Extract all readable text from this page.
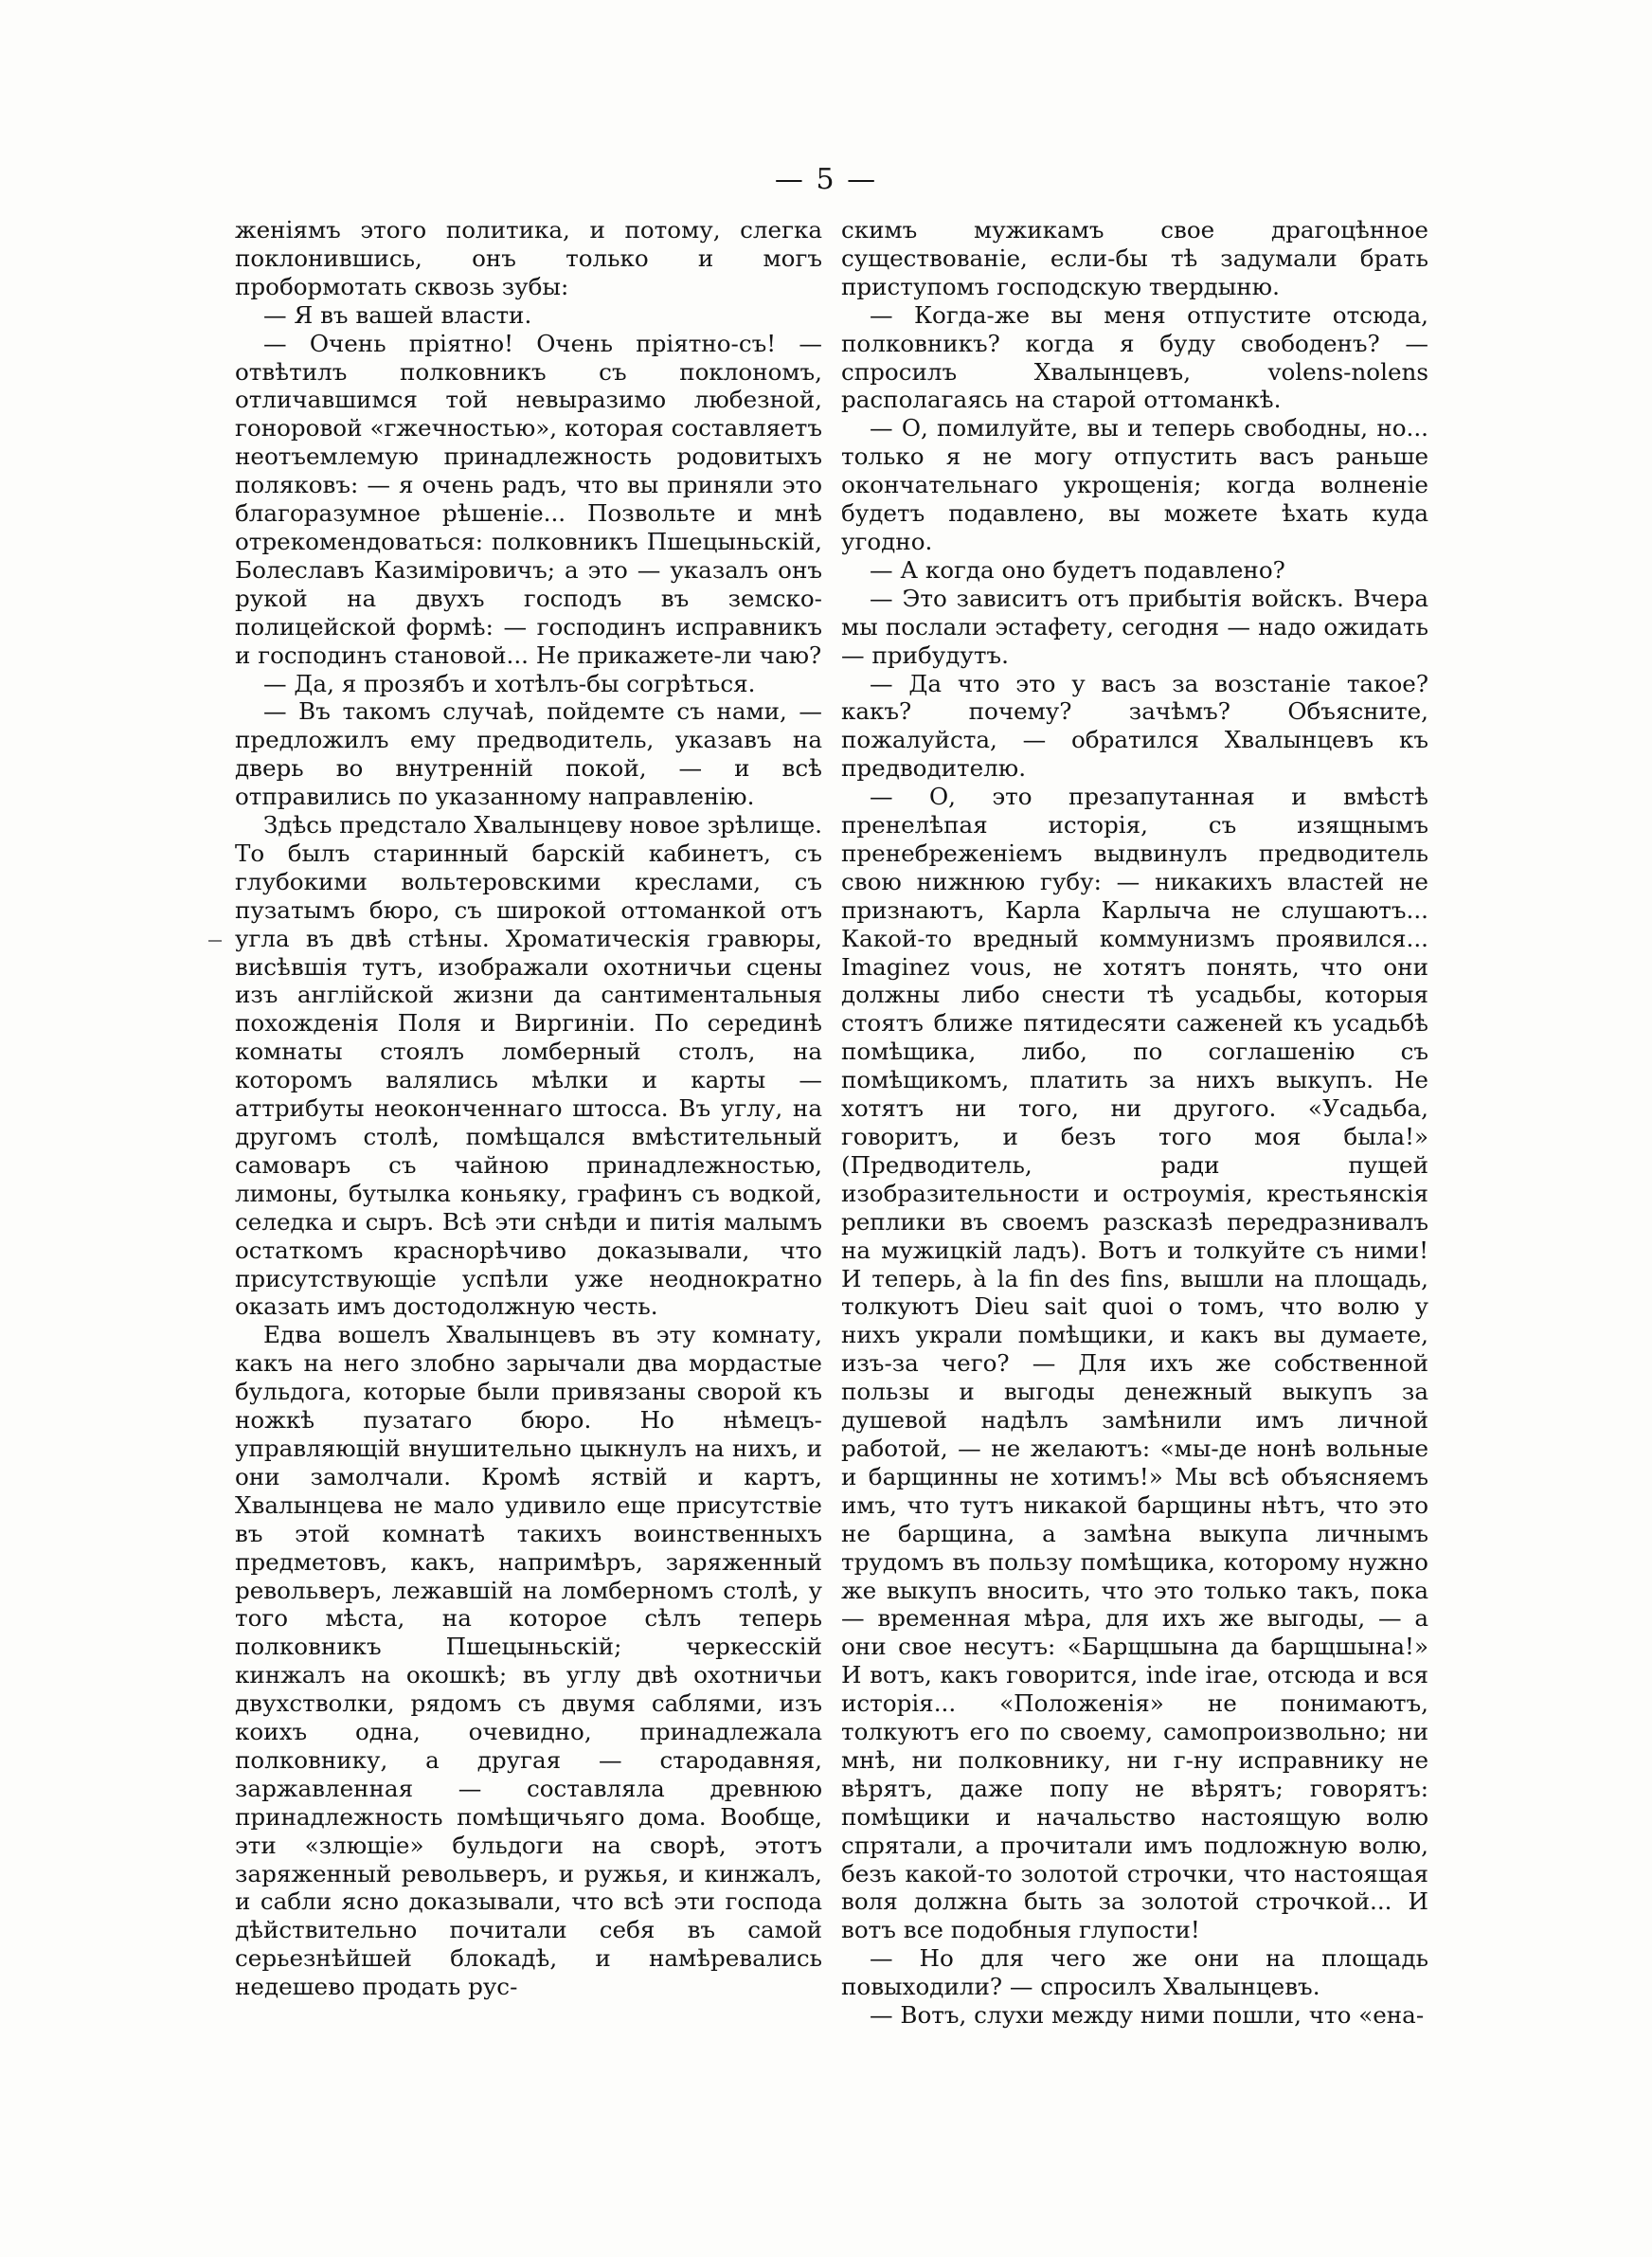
— 5 —

женіямъ этого политика, и потому, слегка поклонившись, онъ только и могъ пробормотать сквозь зубы:

— Я въ вашей власти.

— Очень пріятно! Очень пріятно-съ! — отвѣтилъ полковникъ съ поклономъ, отличавшимся той невыразимо любезной, гоноровой «гжечностью», которая составляетъ неотъемлемую принадлежность родовитыхъ поляковъ: — я очень радъ, что вы приняли это благоразумное рѣшеніе... Позвольте и мнѣ отрекомендоваться: полковникъ Пшецыньскій, Болеславъ Казиміровичъ; а это — указалъ онъ рукой на двухъ господъ въ земско-полицейской формѣ: — господинъ исправникъ и господинъ становой... Не прикажете-ли чаю?

— Да, я прозябъ и хотѣлъ-бы согрѣться.

— Въ такомъ случаѣ, пойдемте съ нами, — предложилъ ему предводитель, указавъ на дверь во внутренній покой, — и всѣ отправились по указанному направленію.

Здѣсь предстало Хвалынцеву новое зрѣлище. То былъ старинный барскій кабинетъ, съ глубокими вольтеровскими креслами, съ пузатымъ бюро, съ широкой оттоманкой отъ угла въ двѣ стѣны. Хроматическія гравюры, висѣвшія тутъ, изображали охотничьи сцены изъ англійской жизни да сантиментальныя похожденія Поля и Виргиніи. По серединѣ комнаты стоялъ ломберный столъ, на которомъ валялись мѣлки и карты — аттрибуты неоконченнаго штосса. Въ углу, на другомъ столѣ, помѣщался вмѣстительный самоваръ съ чайною принадлежностью, лимоны, бутылка коньяку, графинъ съ водкой, селедка и сыръ. Всѣ эти снѣди и питія малымъ остаткомъ краснорѣчиво доказывали, что присутствующіе успѣли уже неоднократно оказать имъ достодолжную честь.

Едва вошелъ Хвалынцевъ въ эту комнату, какъ на него злобно зарычали два мордастые бульдога, которые были привязаны сворой къ ножкѣ пузатаго бюро. Но нѣмецъ-управляющій внушительно цыкнулъ на нихъ, и они замолчали. Кромѣ яствій и картъ, Хвалынцева не мало удивило еще присутствіе въ этой комнатѣ такихъ воинственныхъ предметовъ, какъ, напримѣръ, заряженный револьверъ, лежавшій на ломберномъ столѣ, у того мѣста, на которое сѣлъ теперь полковникъ Пшецыньскій; черкесскій кинжалъ на окошкѣ; въ углу двѣ охотничьи двухстволки, рядомъ съ двумя саблями, изъ коихъ одна, очевидно, принадлежала полковнику, а другая — стародавняя, заржавленная — составляла древнюю принадлежность помѣщичьяго дома. Вообще, эти «злющіе» бульдоги на сворѣ, этотъ заряженный револьверъ, и ружья, и кинжалъ, и сабли ясно доказывали, что всѣ эти господа дѣйствительно почитали себя въ самой серьезнѣйшей блокадѣ, и намѣревались недешево продать рус-

скимъ мужикамъ свое драгоцѣнное существованіе, если-бы тѣ задумали брать приступомъ господскую твердыню.

— Когда-же вы меня отпустите отсюда, полковникъ? когда я буду свободенъ? — спросилъ Хвалынцевъ, volens-nolens располагаясь на старой оттоманкѣ.

— О, помилуйте, вы и теперь свободны, но... только я не могу отпустить васъ раньше окончательнаго укрощенія; когда волненіе будетъ подавлено, вы можете ѣхать куда угодно.

— А когда оно будетъ подавлено?

— Это зависитъ отъ прибытія войскъ. Вчера мы послали эстафету, сегодня — надо ожидать — прибудутъ.

— Да что это у васъ за возстаніе такое? какъ? почему? зачѣмъ? Объясните, пожалуйста, — обратился Хвалынцевъ къ предводителю.

— О, это презапутанная и вмѣстѣ пренелѣпая исторія, съ изящнымъ пренебреженіемъ выдвинулъ предводитель свою нижнюю губу: — никакихъ властей не признаютъ, Карла Карлыча не слушаютъ... Какой-то вредный коммунизмъ проявился... Imaginez vous, не хотятъ понять, что они должны либо снести тѣ усадьбы, которыя стоятъ ближе пятидесяти саженей къ усадьбѣ помѣщика, либо, по соглашенію съ помѣщикомъ, платить за нихъ выкупъ. Не хотятъ ни того, ни другого. «Усадьба, говоритъ, и безъ того моя была!» (Предводитель, ради пущей изобразительности и остроумія, крестьянскія реплики въ своемъ разсказѣ передразнивалъ на мужицкій ладъ). Вотъ и толкуйте съ ними! И теперь, à la fin des fins, вышли на площадь, толкуютъ Dieu sait quoi о томъ, что волю у нихъ украли помѣщики, и какъ вы думаете, изъ-за чего? — Для ихъ же собственной пользы и выгоды денежный выкупъ за душевой надѣлъ замѣнили имъ личной работой, — не желаютъ: «мы-де нонѣ вольные и барщинны не хотимъ!» Мы всѣ объясняемъ имъ, что тутъ никакой барщины нѣтъ, что это не барщина, а замѣна выкупа личнымъ трудомъ въ пользу помѣщика, которому нужно же выкупъ вносить, что это только такъ, пока — временная мѣра, для ихъ же выгоды, — а они свое несутъ: «Барщшына да барщшына!» И вотъ, какъ говорится, inde irae, отсюда и вся исторія... «Положенія» не понимаютъ, толкуютъ его по своему, самопроизвольно; ни мнѣ, ни полковнику, ни г-ну исправнику не вѣрятъ, даже попу не вѣрятъ; говорятъ: помѣщики и начальство настоящую волю спрятали, а прочитали имъ подложную волю, безъ какой-то золотой строчки, что настоящая воля должна быть за золотой строчкой... И вотъ все подобныя глупости!

— Но для чего же они на площадь повыходили? — спросилъ Хвалынцевъ.

— Вотъ, слухи между ними пошли, что «ена-
